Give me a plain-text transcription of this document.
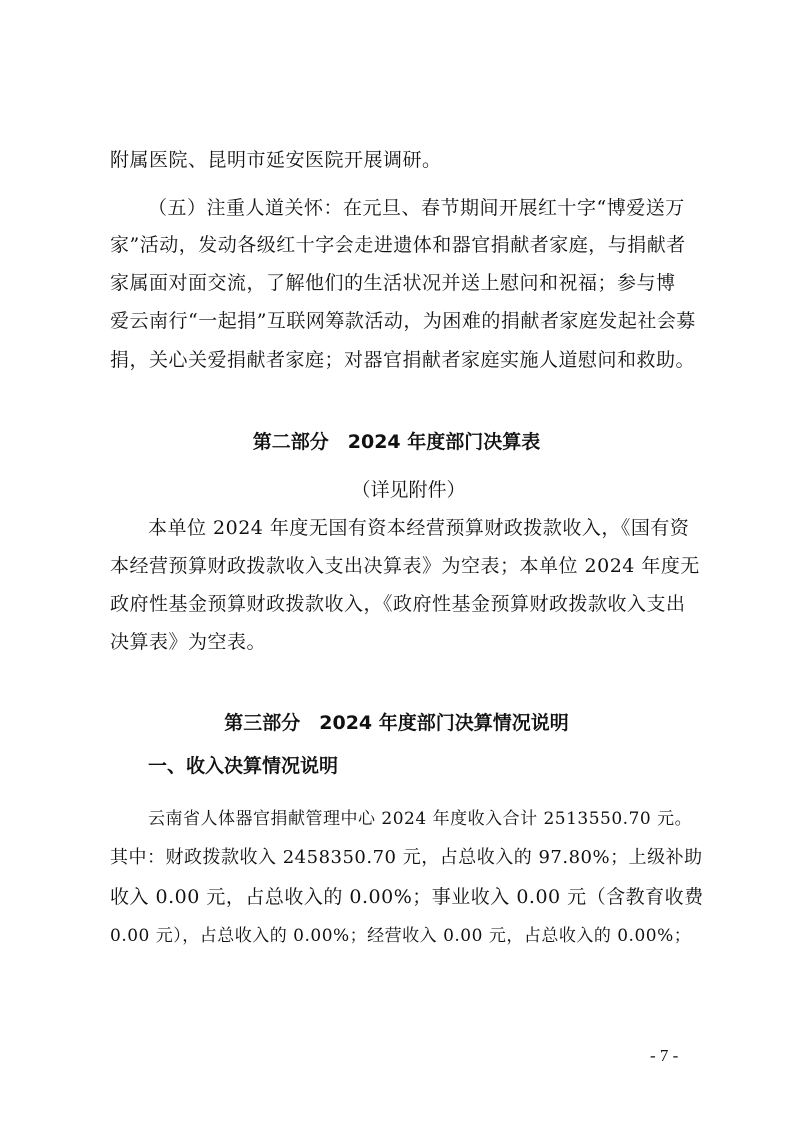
附属医院、昆明市延安医院开展调研。
（五）注重人道关怀：在元旦、春节期间开展红十字“博爱送万
家”活动，发动各级红十字会走进遗体和器官捐献者家庭，与捐献者
家属面对面交流，了解他们的生活状况并送上慰问和祝福；参与博
爱云南行“一起捐”互联网筹款活动，为困难的捐献者家庭发起社会募
捐，关心关爱捐献者家庭；对器官捐献者家庭实施人道慰问和救助。
第二部分　2024 年度部门决算表
（详见附件）
本单位 2024 年度无国有资本经营预算财政拨款收入，《国有资
本经营预算财政拨款收入支出决算表》为空表；本单位 2024 年度无
政府性基金预算财政拨款收入，《政府性基金预算财政拨款收入支出
决算表》为空表。
第三部分　2024 年度部门决算情况说明
一、收入决算情况说明
云南省人体器官捐献管理中心 2024 年度收入合计 2513550.70 元。
其中：财政拨款收入 2458350.70 元，占总收入的 97.80%；上级补助
收入 0.00 元，占总收入的 0.00%；事业收入 0.00 元（含教育收费
0.00 元），占总收入的 0.00%；经营收入 0.00 元，占总收入的 0.00%；
- 7 -
